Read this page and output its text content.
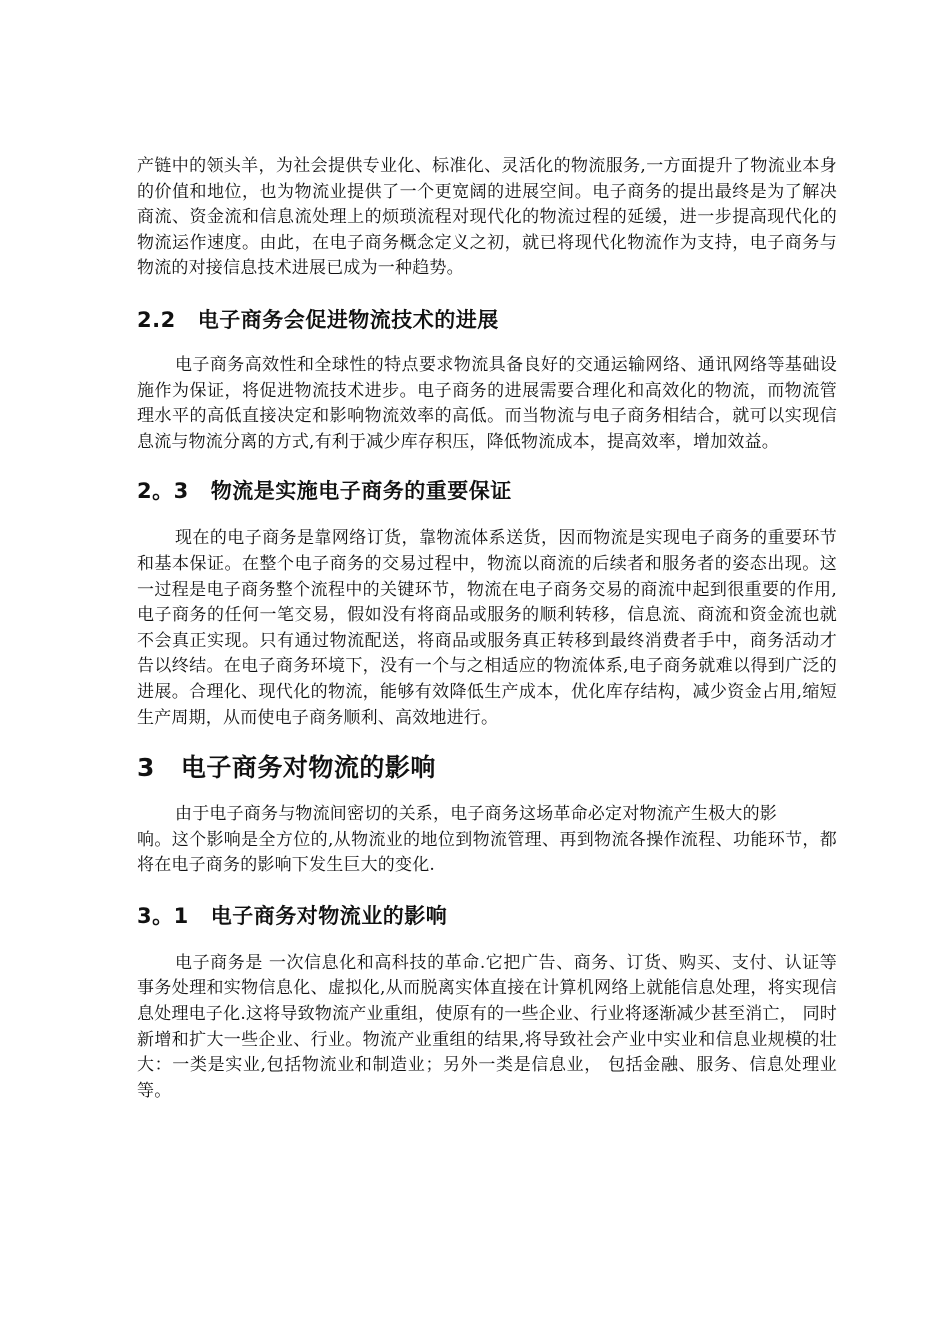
产链中的领头羊，为社会提供专业化、标准化、灵活化的物流服务,一方面提升了物流业本身的价值和地位，也为物流业提供了一个更宽阔的进展空间。电子商务的提出最终是为了解决商流、资金流和信息流处理上的烦琐流程对现代化的物流过程的延缓，进一步提高现代化的物流运作速度。由此，在电子商务概念定义之初，就已将现代化物流作为支持，电子商务与物流的对接信息技术进展已成为一种趋势。

2.2 电子商务会促进物流技术的进展

电子商务高效性和全球性的特点要求物流具备良好的交通运输网络、通讯网络等基础设施作为保证，将促进物流技术进步。电子商务的进展需要合理化和高效化的物流，而物流管理水平的高低直接决定和影响物流效率的高低。而当物流与电子商务相结合，就可以实现信息流与物流分离的方式,有利于减少库存积压，降低物流成本，提高效率，增加效益。

2。3 物流是实施电子商务的重要保证

现在的电子商务是靠网络订货，靠物流体系送货，因而物流是实现电子商务的重要环节和基本保证。在整个电子商务的交易过程中，物流以商流的后续者和服务者的姿态出现。这一过程是电子商务整个流程中的关键环节，物流在电子商务交易的商流中起到很重要的作用,电子商务的任何一笔交易，假如没有将商品或服务的顺利转移，信息流、商流和资金流也就不会真正实现。只有通过物流配送，将商品或服务真正转移到最终消费者手中，商务活动才告以终结。在电子商务环境下，没有一个与之相适应的物流体系,电子商务就难以得到广泛的进展。合理化、现代化的物流，能够有效降低生产成本，优化库存结构，减少资金占用,缩短生产周期，从而使电子商务顺利、高效地进行。

3 电子商务对物流的影响

由于电子商务与物流间密切的关系，电子商务这场革命必定对物流产生极大的影

响。这个影响是全方位的,从物流业的地位到物流管理、再到物流各操作流程、功能环节，都将在电子商务的影响下发生巨大的变化.

3。1 电子商务对物流业的影响

电子商务是 一次信息化和高科技的革命.它把广告、商务、订货、购买、支付、认证等事务处理和实物信息化、虚拟化,从而脱离实体直接在计算机网络上就能信息处理，将实现信息处理电子化.这将导致物流产业重组，使原有的一些企业、行业将逐渐减少甚至消亡， 同时新增和扩大一些企业、行业。物流产业重组的结果,将导致社会产业中实业和信息业规模的壮大：一类是实业,包括物流业和制造业；另外一类是信息业， 包括金融、服务、信息处理业等。
